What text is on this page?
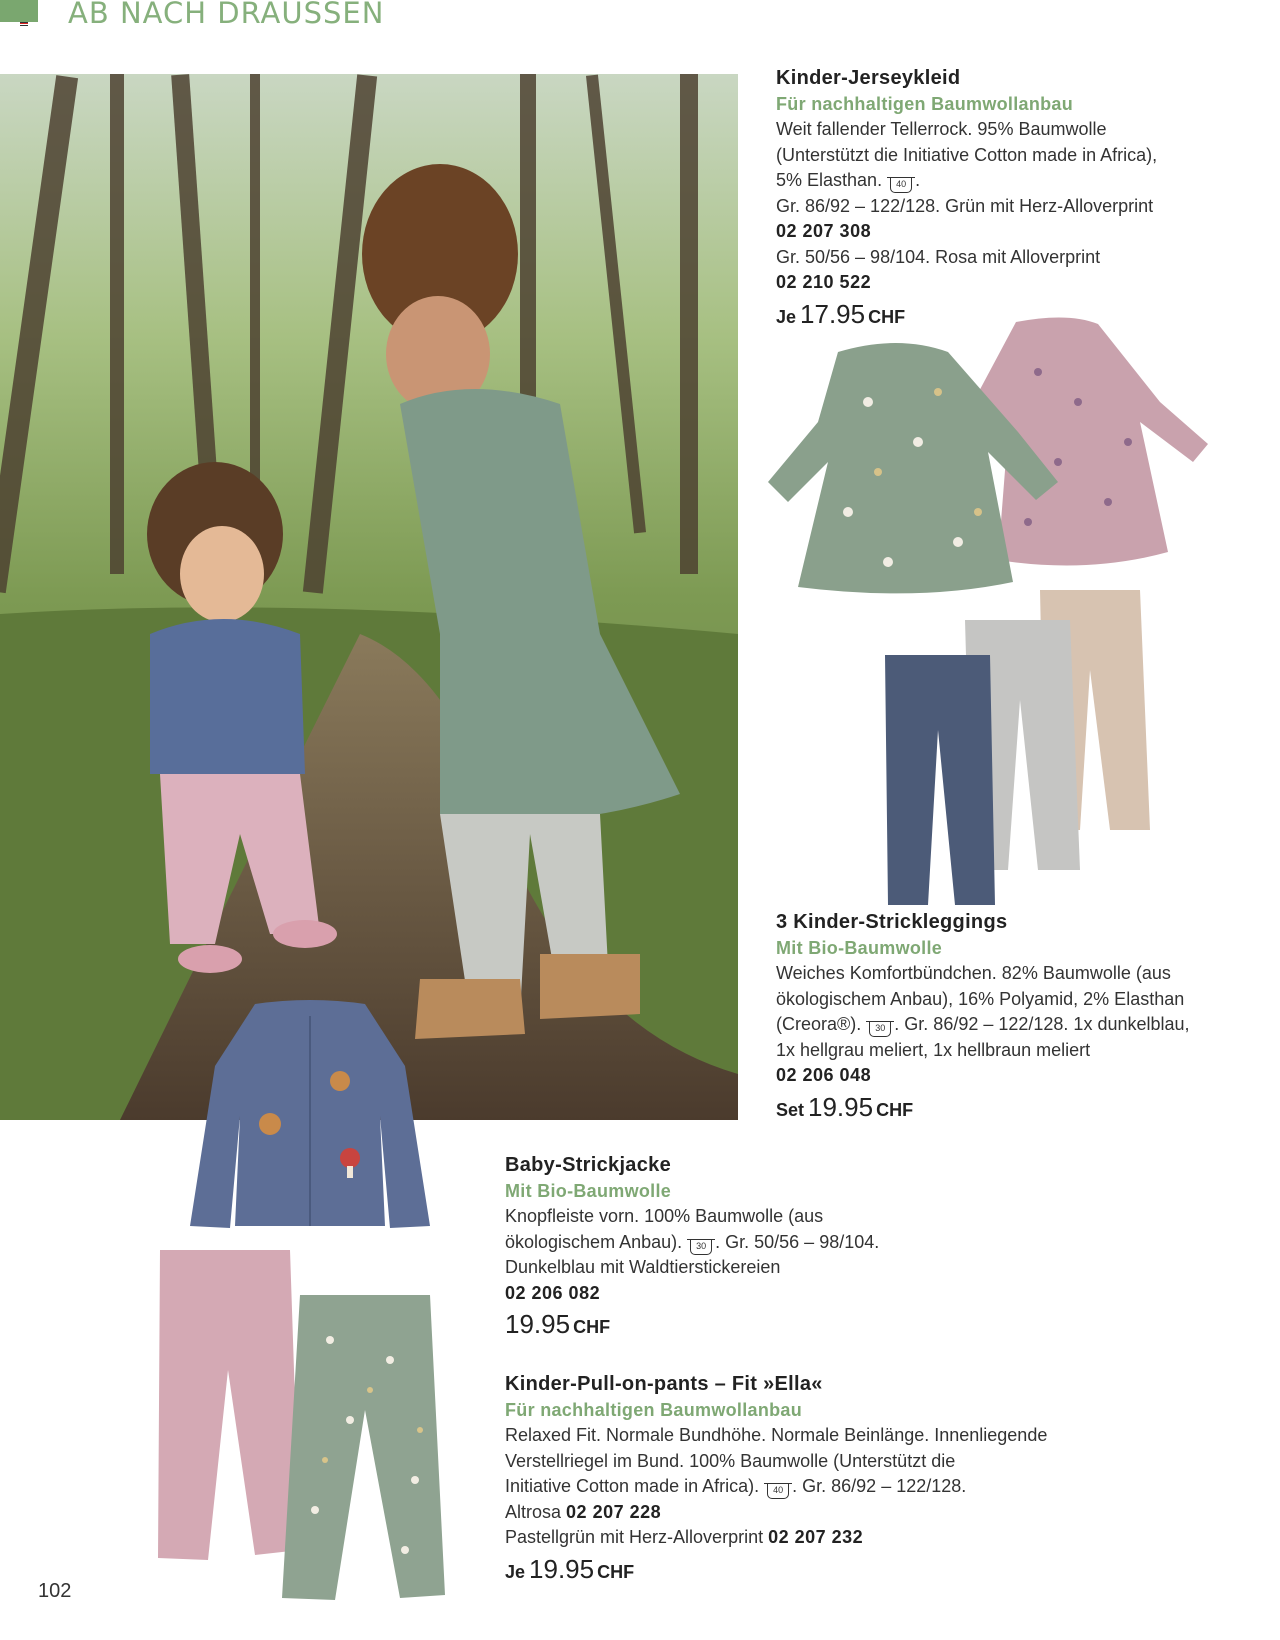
AB NACH DRAUSSEN
Kinder-Jerseykleid
Für nachhaltigen Baumwollanbau
Weit fallender Tellerrock. 95% Baumwolle
(Unterstützt die Initiative Cotton made in Africa),
5% Elasthan. 40 .
Gr. 86/92 – 122/128. Grün mit Herz-Alloverprint
02 207 308
Gr. 50/56 – 98/104. Rosa mit Alloverprint
02 210 522
Je 17.95 CHF
3 Kinder-Strickleggings
Mit Bio-Baumwolle
Weiches Komfortbündchen. 82% Baumwolle (aus
ökologischem Anbau), 16% Polyamid, 2% Elasthan
(Creora®). 30 . Gr. 86/92 – 122/128. 1x dunkelblau,
1x hellgrau meliert, 1x hellbraun meliert
02 206 048
Set 19.95 CHF
Baby-Strickjacke
Mit Bio-Baumwolle
Knopfleiste vorn. 100% Baumwolle (aus
ökologischem Anbau). 30 . Gr. 50/56 – 98/104.
Dunkelblau mit Waldtierstickereien
02 206 082
19.95 CHF
Kinder-Pull-on-pants – Fit »Ella«
Für nachhaltigen Baumwollanbau
Relaxed Fit. Normale Bundhöhe. Normale Beinlänge. Innenliegende
Verstellriegel im Bund. 100% Baumwolle (Unterstützt die
Initiative Cotton made in Africa). 40 . Gr. 86/92 – 122/128.
Altrosa 02 207 228
Pastellgrün mit Herz-Alloverprint 02 207 232
Je 19.95 CHF
102
